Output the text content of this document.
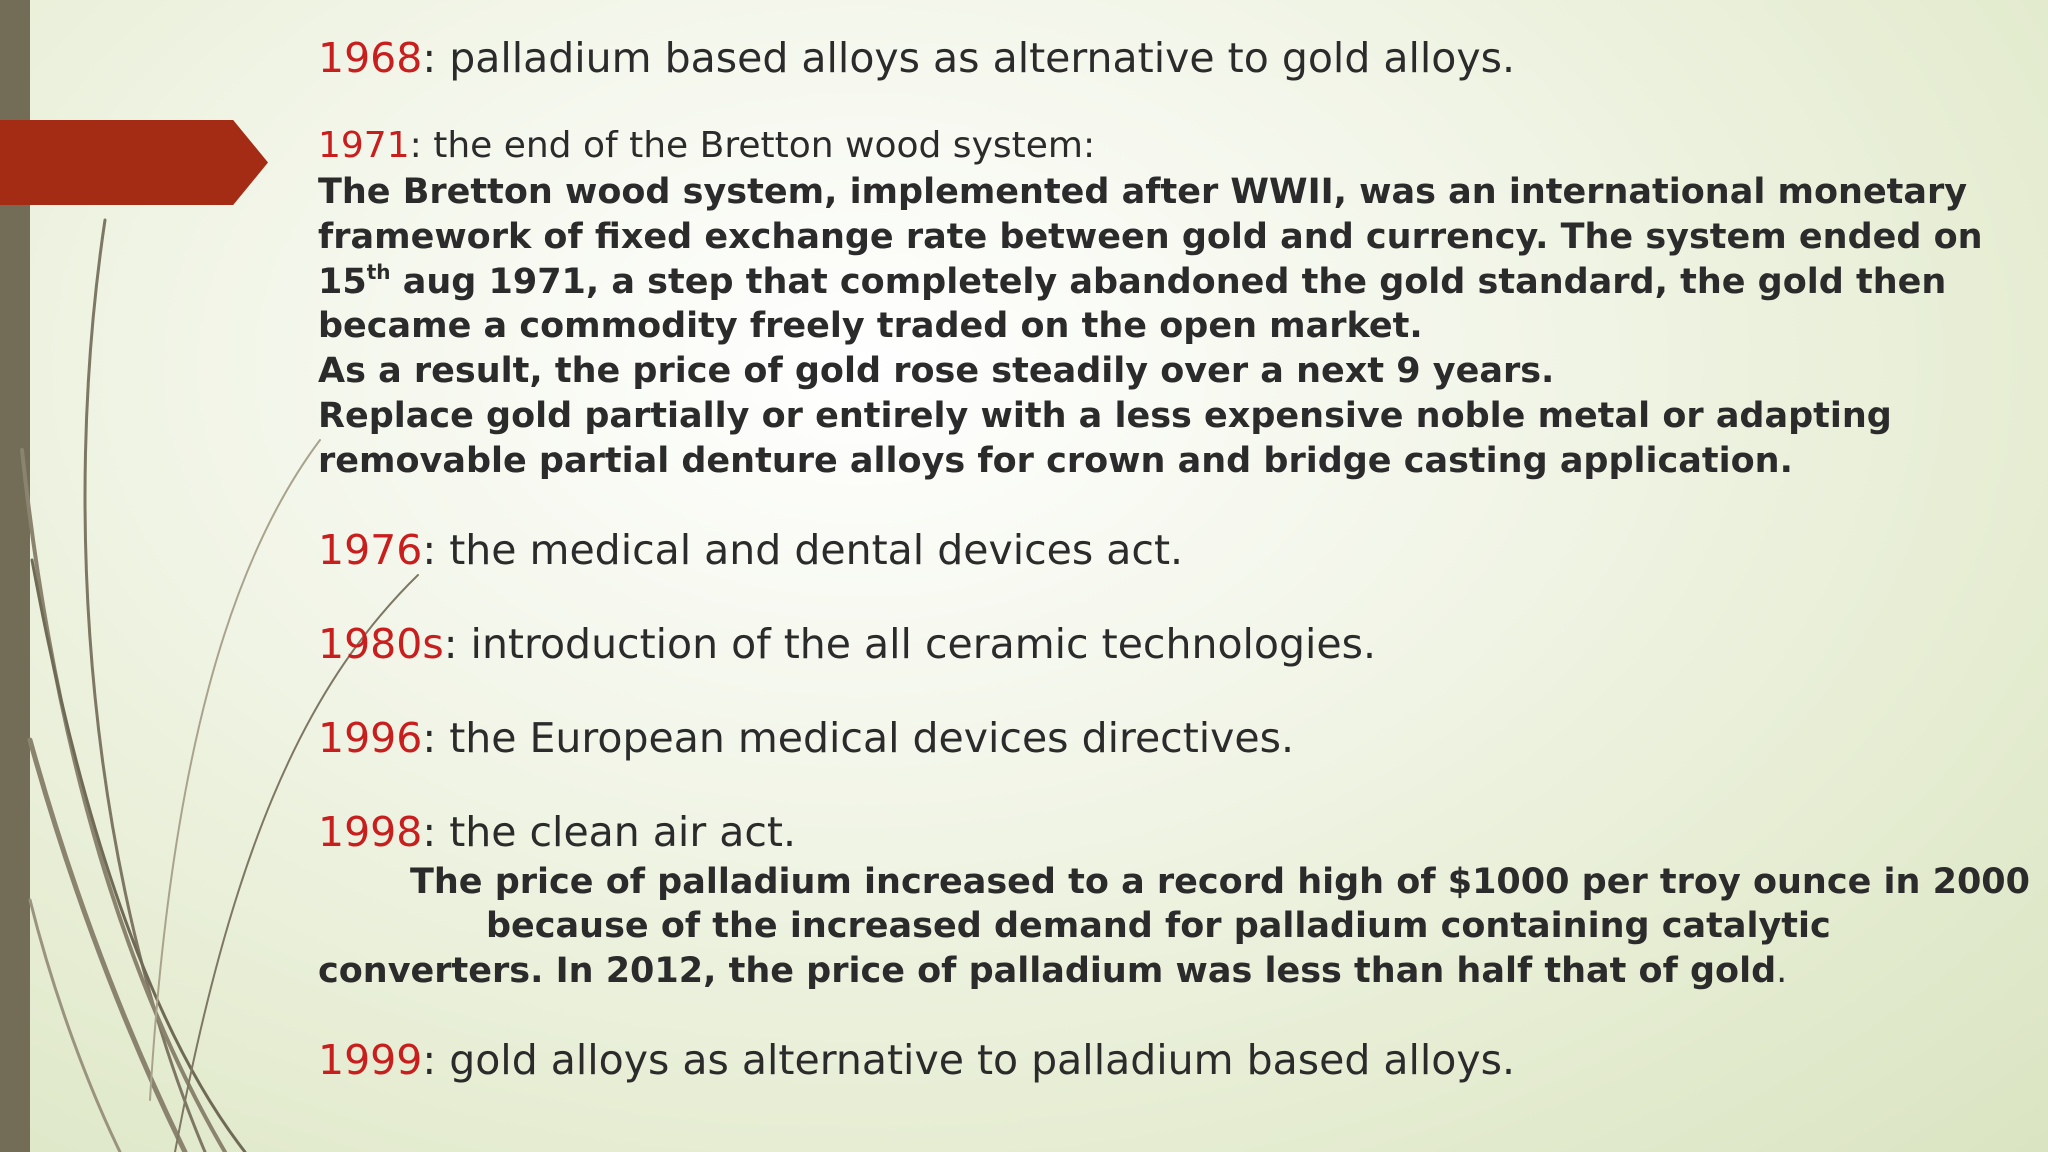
1968: palladium based alloys as alternative to gold alloys.

1971: the end of the Bretton wood system:

The Bretton wood system, implemented after WWII, was an international monetary

framework of fixed exchange rate between gold and currency. The system ended on

15th aug 1971, a step that completely abandoned the gold standard, the gold then

became a commodity freely traded on the open market.

As a result, the price of gold rose steadily over a next 9 years.

Replace gold partially or entirely with a less expensive noble metal or adapting

removable partial denture alloys for crown and bridge casting application.

1976: the medical and dental devices act.

1980s: introduction of the all ceramic technologies.

1996: the European medical devices directives.

1998: the clean air act.

The price of palladium increased to a record high of $1000 per troy ounce in 2000

because of the increased demand for palladium containing catalytic

converters. In 2012, the price of palladium was less than half that of gold.

1999: gold alloys as alternative to palladium based alloys.
